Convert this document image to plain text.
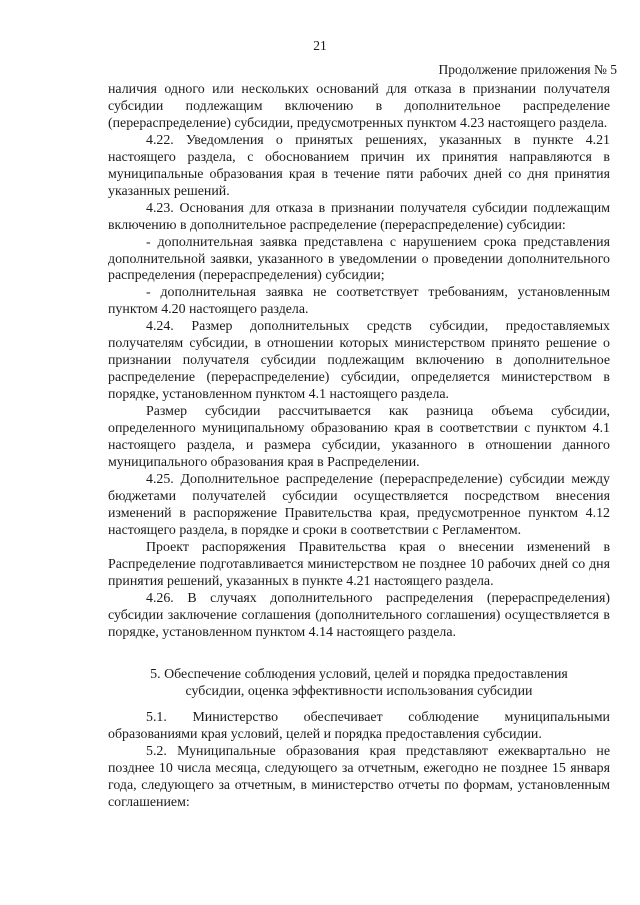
21
Продолжение приложения № 5

наличия одного или нескольких оснований для отказа в признании получателя субсидии подлежащим включению в дополнительное распределение (перераспределение) субсидии, предусмотренных пунктом 4.23 настоящего раздела.

4.22. Уведомления о принятых решениях, указанных в пункте 4.21 настоящего раздела, с обоснованием причин их принятия направляются в муниципальные образования края в течение пяти рабочих дней со дня принятия указанных решений.

4.23. Основания для отказа в признании получателя субсидии подлежащим включению в дополнительное распределение (перераспределение) субсидии:

- дополнительная заявка представлена с нарушением срока представления дополнительной заявки, указанного в уведомлении о проведении дополнительного распределения (перераспределения) субсидии;

- дополнительная заявка не соответствует требованиям, установленным пунктом 4.20 настоящего раздела.

4.24. Размер дополнительных средств субсидии, предоставляемых получателям субсидии, в отношении которых министерством принято решение о признании получателя субсидии подлежащим включению в дополнительное распределение (перераспределение) субсидии, определяется министерством в порядке, установленном пунктом 4.1 настоящего раздела.

Размер субсидии рассчитывается как разница объема субсидии, определенного муниципальному образованию края в соответствии с пунктом 4.1 настоящего раздела, и размера субсидии, указанного в отношении данного муниципального образования края в Распределении.

4.25. Дополнительное распределение (перераспределение) субсидии между бюджетами получателей субсидии осуществляется посредством внесения изменений в распоряжение Правительства края, предусмотренное пунктом 4.12 настоящего раздела, в порядке и сроки в соответствии с Регламентом.

Проект распоряжения Правительства края о внесении изменений в Распределение подготавливается министерством не позднее 10 рабочих дней со дня принятия решений, указанных в пункте 4.21 настоящего раздела.

4.26. В случаях дополнительного распределения (перераспределения) субсидии заключение соглашения (дополнительного соглашения) осуществляется в порядке, установленном пунктом 4.14 настоящего раздела.

5. Обеспечение соблюдения условий, целей и порядка предоставления
субсидии, оценка эффективности использования субсидии

5.1. Министерство обеспечивает соблюдение муниципальными образованиями края условий, целей и порядка предоставления субсидии.

5.2. Муниципальные образования края представляют ежеквартально не позднее 10 числа месяца, следующего за отчетным, ежегодно не позднее 15 января года, следующего за отчетным, в министерство отчеты по формам, установленным соглашением:
